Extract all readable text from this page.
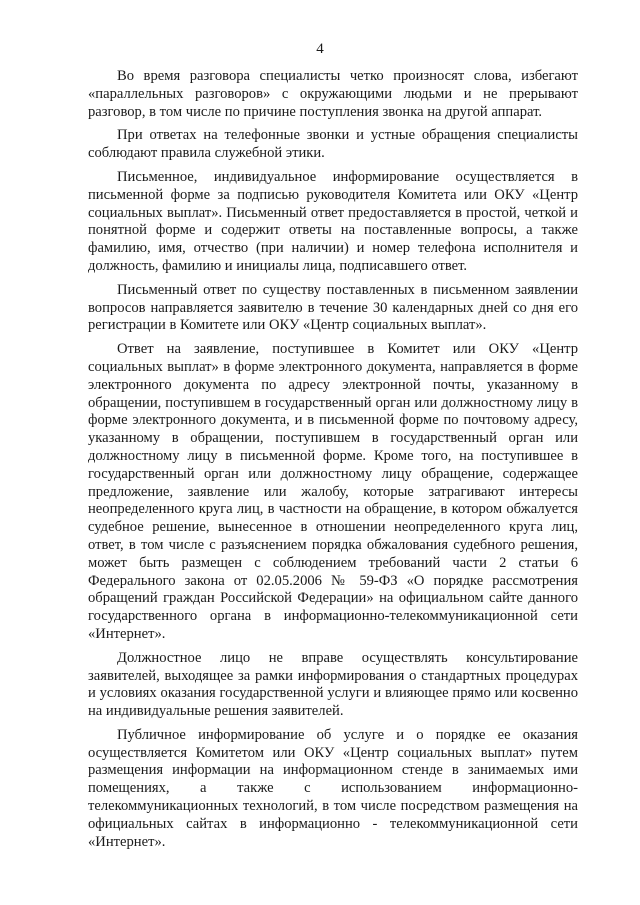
4

Во время разговора специалисты четко произносят слова, избегают «параллельных разговоров» с окружающими людьми и не прерывают разговор, в том числе по причине поступления звонка на другой аппарат.

При ответах на телефонные звонки и устные обращения специалисты соблюдают правила служебной этики.

Письменное, индивидуальное информирование осуществляется в письменной форме за подписью руководителя Комитета или ОКУ «Центр социальных выплат». Письменный ответ предоставляется в простой, четкой и понятной форме и содержит ответы на поставленные вопросы, а также фамилию, имя, отчество (при наличии) и номер телефона исполнителя и должность, фамилию и инициалы лица, подписавшего ответ.

Письменный ответ по существу поставленных в письменном заявлении вопросов направляется заявителю в течение 30 календарных дней со дня его регистрации в Комитете или ОКУ «Центр социальных выплат».

Ответ на заявление, поступившее в Комитет или ОКУ «Центр социальных выплат» в форме электронного документа, направляется в форме электронного документа по адресу электронной почты, указанному в обращении, поступившем в государственный орган или должностному лицу в форме электронного документа, и в письменной форме по почтовому адресу, указанному в обращении, поступившем в государственный орган или должностному лицу в письменной форме. Кроме того, на поступившее в государственный орган или должностному лицу обращение, содержащее предложение, заявление или жалобу, которые затрагивают интересы неопределенного круга лиц, в частности на обращение, в котором обжалуется судебное решение, вынесенное в отношении неопределенного круга лиц, ответ, в том числе с разъяснением порядка обжалования судебного решения, может быть размещен с соблюдением требований части 2 статьи 6 Федерального закона от 02.05.2006 № 59-ФЗ «О порядке рассмотрения обращений граждан Российской Федерации» на официальном сайте данного государственного органа в информационно-телекоммуникационной сети «Интернет».

Должностное лицо не вправе осуществлять консультирование заявителей, выходящее за рамки информирования о стандартных процедурах и условиях оказания государственной услуги и влияющее прямо или косвенно на индивидуальные решения заявителей.

Публичное информирование об услуге и о порядке ее оказания осуществляется Комитетом или ОКУ «Центр социальных выплат» путем размещения информации на информационном стенде в занимаемых ими помещениях, а также с использованием информационно-телекоммуникационных технологий, в том числе посредством размещения на официальных сайтах в информационно - телекоммуникационной сети «Интернет».
